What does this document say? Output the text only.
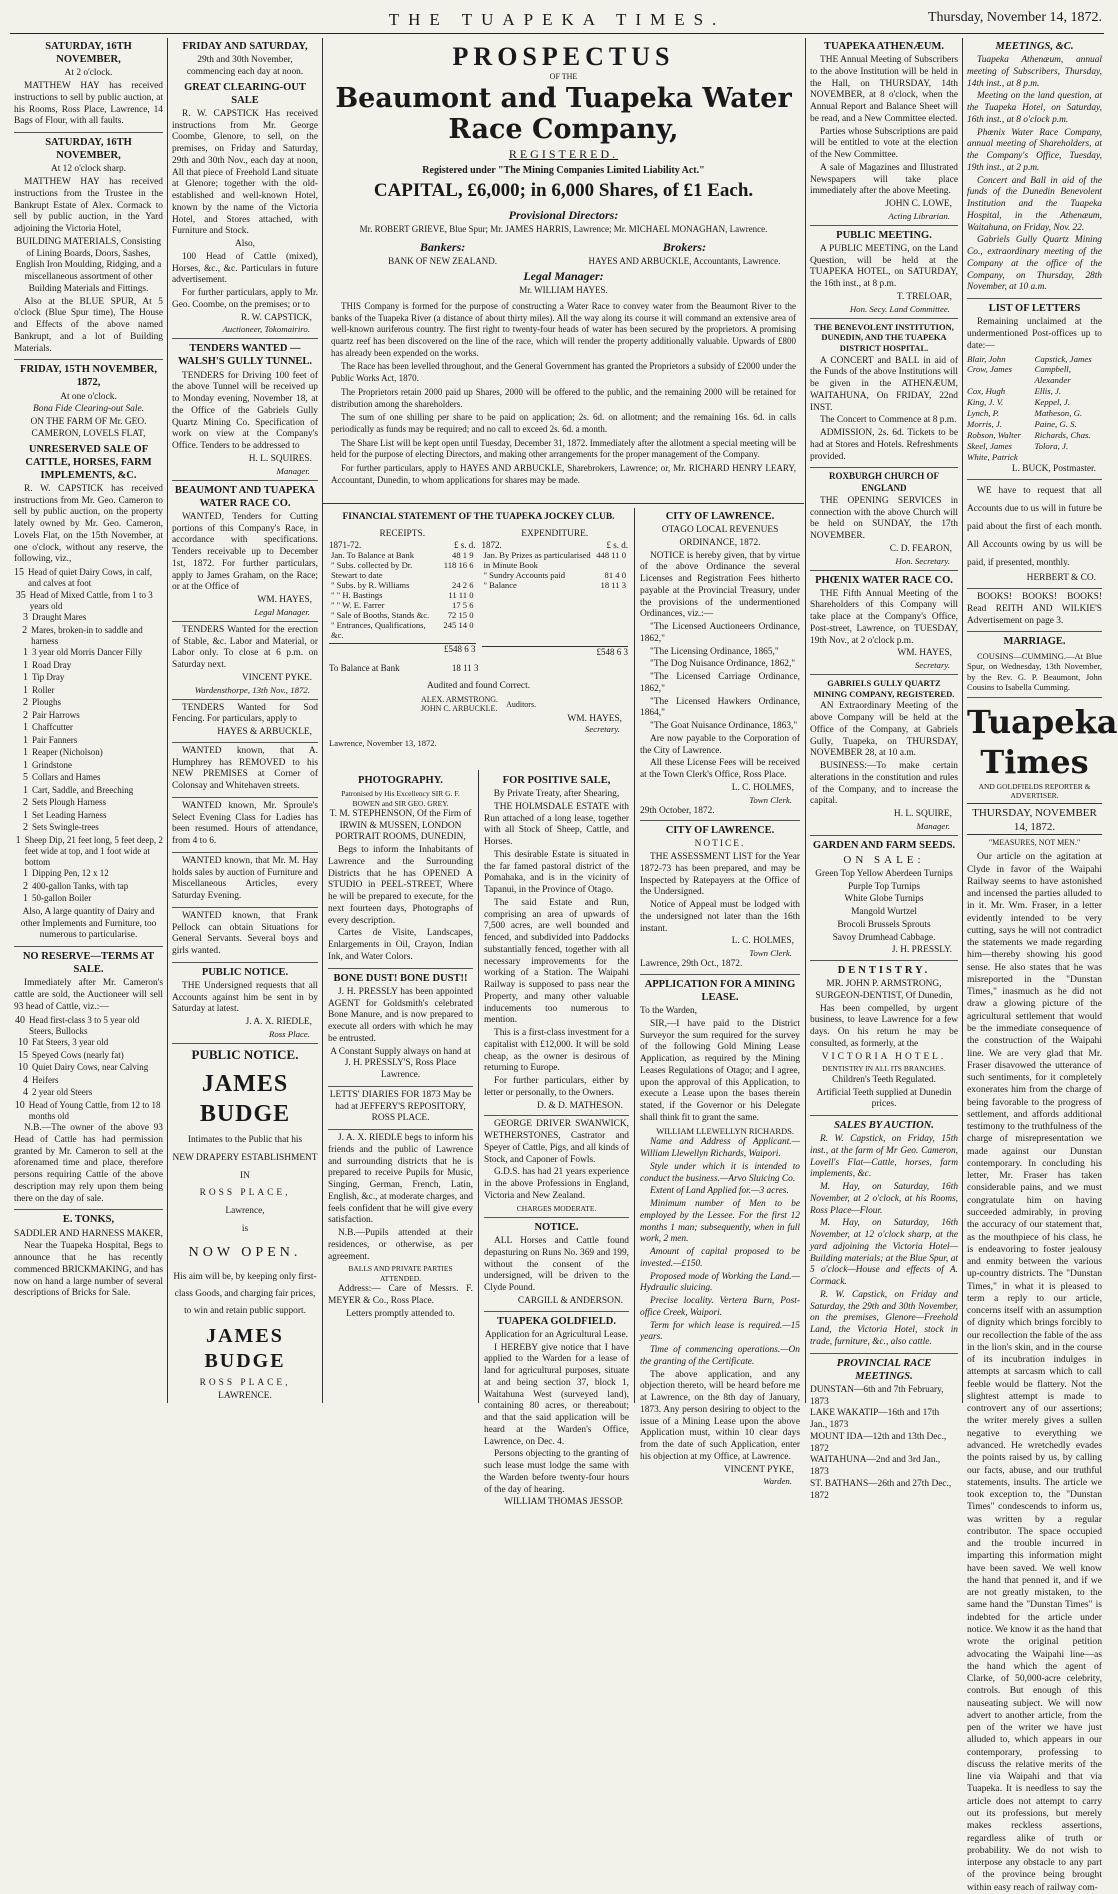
THE TUAPEKA TIMES.	Thursday, November 14, 1872.
SATURDAY, 16TH NOVEMBER,
At 2 o'clock.
MATTHEW HAY has received instructions to sell by public auction, at his Rooms, Ross Place, Lawrence, 14 Bags of Flour, with all faults.
SATURDAY, 16TH NOVEMBER,
At 12 o'clock sharp.
MATTHEW HAY has received instructions from the Trustee in the Bankrupt Estate of Alex. Cormack to sell by public auction, in the Yard adjoining the Victoria Hotel,
BUILDING MATERIALS, Consisting of Lining Boards, Doors, Sashes, English Iron Moulding, Ridging, and a miscellaneous assortment of other Building Materials and Fittings.
Also at the BLUE SPUR, At 5 o'clock (Blue Spur time), The House and Effects of the above named Bankrupt, and a lot of Building Materials.
FRIDAY, 15TH NOVEMBER, 1872,
At one o'clock.
Bona Fide Clearing-out Sale.
ON THE FARM OF Mr. GEO. CAMERON, LOVELS FLAT,
UNRESERVED SALE OF CATTLE, HORSES, FARM IMPLEMENTS, &C.
R. W. CAPSTICK has received instructions from Mr. Geo. Cameron to sell by public auction, on the property lately owned by Mr. Geo. Cameron, Lovels Flat, on the 15th November, at one o'clock, without any reserve, the following, viz.,
15 Head of quiet Dairy Cows, in calf, and calves at foot
35 Head of Mixed Cattle, from 1 to 3 years old
3 Draught Mares
2 Mares, broken-in to saddle and harness
1 3 year old Morris Dancer Filly
1 Road Dray
1 Tip Dray
1 Roller
2 Ploughs
2 Pair Harrows
1 Chaffcutter
1 Pair Fanners
1 Reaper (Nicholson)
1 Grindstone
5 Collars and Hames
1 Cart, Saddle, and Breeching
2 Sets Plough Harness
1 Set Leading Harness
2 Sets Swingle-trees
1 Sheep Dip, 21 feet long, 5 feet deep, 2 feet wide at top, and 1 foot wide at bottom
1 Dipping Pen, 12 x 12
2 400-gallon Tanks, with tap
1 50-gallon Boiler
Also, A large quantity of Dairy and other Implements and Furniture, too numerous to particularise.
NO RESERVE—TERMS AT SALE.
Immediately after Mr. Cameron's cattle are sold, the Auctioneer will sell 93 head of Cattle, viz.:—
40 Head first-class 3 to 5 year old Steers, Bullocks
10 Fat Steers, 3 year old
15 Speyed Cows (nearly fat)
10 Quiet Dairy Cows, near Calving
4 Heifers
4 2 year old Steers
10 Head of Young Cattle, from 12 to 18 months old
N.B.—The owner of the above 93 Head of Cattle has had permission granted by Mr. Cameron to sell at the aforenamed time and place, therefore persons requiring Cattle of the above description may rely upon them being there on the day of sale.
E. TONKS,
SADDLER AND HARNESS MAKER,
Near the Tuapeka Hospital, Begs to announce that he has recently commenced BRICKMAKING, and has now on hand a large number of several descriptions of Bricks for Sale.
FRIDAY AND SATURDAY,
29th and 30th November, commencing each day at noon.
GREAT CLEARING-OUT SALE
R. W. CAPSTICK Has received instructions from Mr. George Coombe, Glenore, to sell, on the premises, on Friday and Saturday, 29th and 30th Nov., each day at noon, All that piece of Freehold Land situate at Glenore; together with the old-established and well-known Hotel, known by the name of the Victoria Hotel, and Stores attached, with Furniture and Stock.
Also,
100 Head of Cattle (mixed), Horses, &c., &c. Particulars in future advertisement.
For further particulars, apply to Mr. Geo. Coombe, on the premises; or to
R. W. CAPSTICK,
Auctioneer, Tokomairiro.
TENDERS WANTED — WALSH'S GULLY TUNNEL.
TENDERS for Driving 100 feet of the above Tunnel will be received up to Monday evening, November 18, at the Office of the Gabriels Gully Quartz Mining Co. Specification of work on view at the Company's Office. Tenders to be addressed to
H. L. SQUIRES.
Manager.
BEAUMONT AND TUAPEKA WATER RACE CO.
WANTED, Tenders for Cutting portions of this Company's Race, in accordance with specifications. Tenders receivable up to December 1st, 1872. For further particulars, apply to James Graham, on the Race; or at the Office of
WM. HAYES,
Legal Manager.
TENDERS Wanted for the erection of Stable, &c. Labor and Material, or Labor only. To close at 6 p.m. on Saturday next.
VINCENT PYKE.
Wardensthorpe, 13th Nov., 1872.
TENDERS Wanted for Sod Fencing. For particulars, apply to
HAYES & ARBUCKLE,
WANTED known, that A. Humphrey has REMOVED to his NEW PREMISES at Corner of Colonsay and Whitehaven streets.
WANTED known, Mr. Sproule's Select Evening Class for Ladies has been resumed. Hours of attendance, from 4 to 6.
WANTED known, that Mr. M. Hay holds sales by auction of Furniture and Miscellaneous Articles, every Saturday Evening.
WANTED known, that Frank Pellock can obtain Situations for General Servants. Several boys and girls wanted.
PUBLIC NOTICE.
THE Undersigned requests that all Accounts against him be sent in by Saturday at latest.
J. A. X. RIEDLE,
Ross Place.
PUBLIC NOTICE.
JAMES BUDGE
Intimates to the Public that his
NEW DRAPERY ESTABLISHMENT
IN
ROSS PLACE,
Lawrence,
is
NOW OPEN.
His aim will be, by keeping only first-class Goods, and charging fair prices, to win and retain public support.
JAMES BUDGE
ROSS PLACE,
LAWRENCE.
PROSPECTUS
OF THE
Beaumont and Tuapeka Water Race Company,
REGISTERED.
Registered under "The Mining Companies Limited Liability Act."
CAPITAL, £6,000; in 6,000 Shares, of £1 Each.
Provisional Directors:
Mr. ROBERT GRIEVE, Blue Spur; Mr. JAMES HARRIS, Lawrence; Mr. MICHAEL MONAGHAN, Lawrence.
Bankers:	Brokers:
BANK OF NEW ZEALAND.	HAYES AND ARBUCKLE, Accountants, Lawrence.
Legal Manager:
Mr. WILLIAM HAYES.

THIS Company is formed for the purpose of constructing a Water Race to convey water from the Beaumont River to the banks of the Tuapeka River (a distance of about thirty miles). All the way along its course it will command an extensive area of well-known auriferous country. The first right to twenty-four heads of water has been secured by the proprietors. A promising quartz reef has been discovered on the line of the race, which will render the property additionally valuable. Upwards of £800 has already been expended on the works.

The Race has been levelled throughout, and the General Government has granted the Proprietors a subsidy of £2000 under the Public Works Act, 1870.

The Proprietors retain 2000 paid up Shares, 2000 will be offered to the public, and the remaining 2000 will be retained for distribution among the shareholders.

The sum of one shilling per share to be paid on application; 2s. 6d. on allotment; and the remaining 16s. 6d. in calls periodically as funds may be required; and no call to exceed 2s. 6d. a month.

The Share List will be kept open until Tuesday, December 31, 1872. Immediately after the allotment a special meeting will be held for the purpose of electing Directors, and making other arrangements for the proper management of the Company.

For further particulars, apply to HAYES AND ARBUCKLE, Sharebrokers, Lawrence; or, Mr. RICHARD HENRY LEARY, Accountant, Dunedin, to whom applications for shares may be made.

FINANCIAL STATEMENT OF THE TUAPEKA JOCKEY CLUB.
RECEIPTS.
1871-72.	£ s. d.
Jan. To Balance at Bank	48 1 9
" Subs. collected by Dr. Stewart to date	118 16 6
" Subs. by R. Williams	24 2 6
" " H. Bastings	11 11 0
" " W. E. Farrer	17 5 6
" Sale of Booths, Stands &c.	72 15 0
" Entrances, Qualifications, &c.	245 14 0
£548 6 3
EXPENDITURE.
1872.	£ s. d.
Jan. By Prizes as particularised in Minute Book	448 11 0
" Sundry Accounts paid	81 4 0
" Balance	18 11 3
£548 6 3
To Balance at Bank	18 11 3
Audited and found Correct.
ALEX. ARMSTRONG.
JOHN C. ARBUCKLE. Auditors.
WM. HAYES,
Secretary.
Lawrence, November 13, 1872.
PHOTOGRAPHY.
Patronised by His Excellency SIR G. F. BOWEN and SIR GEO. GREY.
T. M. STEPHENSON, Of the Firm of IRWIN & MUSSEN, LONDON PORTRAIT ROOMS, DUNEDIN,
Begs to inform the Inhabitants of Lawrence and the Surrounding Districts that he has OPENED A STUDIO in PEEL-STREET, Where he will be prepared to execute, for the next fourteen days, Photographs of every description.
Cartes de Visite, Landscapes, Enlargements in Oil, Crayon, Indian Ink, and Water Colors.
BONE DUST! BONE DUST!!
J. H. PRESSLY has been appointed AGENT for Goldsmith's celebrated Bone Manure, and is now prepared to execute all orders with which he may be entrusted.
A Constant Supply always on hand at J. H. PRESSLY'S, Ross Place Lawrence.
LETTS' DIARIES FOR 1873 May be had at JEFFERY'S REPOSITORY, ROSS PLACE.
J. A. X. RIEDLE begs to inform his friends and the public of Lawrence and surrounding districts that he is prepared to receive Pupils for Music, Singing, German, French, Latin, English, &c., at moderate charges, and feels confident that he will give every satisfaction.
N.B.—Pupils attended at their residences, or otherwise, as per agreement.
BALLS AND PRIVATE PARTIES ATTENDED.
Address:— Care of Messrs. F. MEYER & Co., Ross Place.
Letters promptly attended to.
FOR POSITIVE SALE,
By Private Treaty, after Shearing,
THE HOLMSDALE ESTATE with Run attached of a long lease, together with all Stock of Sheep, Cattle, and Horses.
This desirable Estate is situated in the far famed pastoral district of the Pomahaka, and is in the vicinity of Tapanui, in the Province of Otago.
The said Estate and Run, comprising an area of upwards of 7,500 acres, are well bounded and fenced, and subdivided into Paddocks substantially fenced, together with all necessary improvements for the working of a Station. The Waipahi Railway is supposed to pass near the Property, and many other valuable inducements too numerous to mention.
This is a first-class investment for a capitalist with £12,000. It will be sold cheap, as the owner is desirous of returning to Europe.
For further particulars, either by letter or personally, to the Owners.
D. & D. MATHESON.
GEORGE DRIVER SWANWICK, WETHERSTONES, Castrator and Speyer of Cattle, Pigs, and all kinds of Stock, and Caponer of Fowls.
G.D.S. has had 21 years experience in the above Professions in England, Victoria and New Zealand.
CHARGES MODERATE.
NOTICE.
ALL Horses and Cattle found depasturing on Runs No. 369 and 199, without the consent of the undersigned, will be driven to the Clyde Pound.
CARGILL & ANDERSON.
TUAPEKA GOLDFIELD.
Application for an Agricultural Lease.
I HEREBY give notice that I have applied to the Warden for a lease of land for agricultural purposes, situate at and being section 37, block 1, Waitahuna West (surveyed land), containing 80 acres, or thereabout; and that the said application will be heard at the Warden's Office, Lawrence, on Dec. 4.
Persons objecting to the granting of such lease must lodge the same with the Warden before twenty-four hours of the day of hearing.
WILLIAM THOMAS JESSOP.
CITY OF LAWRENCE.
OTAGO LOCAL REVENUES
ORDINANCE, 1872.
NOTICE is hereby given, that by virtue of the above Ordinance the several Licenses and Registration Fees hitherto payable at the Provincial Treasury, under the provisions of the undermentioned Ordinances, viz.:—
"The Licensed Auctioneers Ordinance, 1862,"
"The Licensing Ordinance, 1865,"
"The Dog Nuisance Ordinance, 1862,"
"The Licensed Carriage Ordinance, 1862,"
"The Licensed Hawkers Ordinance, 1864,"
"The Goat Nuisance Ordinance, 1863,"
Are now payable to the Corporation of the City of Lawrence.
All these License Fees will be received at the Town Clerk's Office, Ross Place.
L. C. HOLMES,
Town Clerk.
29th October, 1872.
CITY OF LAWRENCE.
NOTICE.
THE ASSESSMENT LIST for the Year 1872-73 has been prepared, and may be Inspected by Ratepayers at the Office of the Undersigned.
Notice of Appeal must be lodged with the undersigned not later than the 16th instant.
L. C. HOLMES,
Town Clerk.
Lawrence, 29th Oct., 1872.
APPLICATION FOR A MINING LEASE.
To the Warden,
SIR,—I have paid to the District Surveyor the sum required for the survey of the following Gold Mining Lease Application, as required by the Mining Leases Regulations of Otago; and I agree, upon the approval of this Application, to execute a Lease upon the bases therein stated, if the Governor or his Delegate shall think fit to grant the same.
WILLIAM LLEWELLYN RICHARDS.
Name and Address of Applicant.—William Llewellyn Richards, Waipori.
Style under which it is intended to conduct the business.—Arvo Sluicing Co.
Extent of Land Applied for.—3 acres.
Minimum number of Men to be employed by the Lessee. For the first 12 months 1 man; subsequently, when in full work, 2 men.
Amount of capital proposed to be invested.—£150.
Proposed mode of Working the Land.—Hydraulic sluicing.
Precise locality. Vertera Burn, Post-office Creek, Waipori.
Term for which lease is required.—15 years.
Time of commencing operations.—On the granting of the Certificate.
The above application, and any objection thereto, will be heard before me at Lawrence, on the 8th day of January, 1873. Any person desiring to object to the issue of a Mining Lease upon the above Application must, within 10 clear days from the date of such Application, enter his objection at my Office, at Lawrence.
VINCENT PYKE,
Warden.
TUAPEKA ATHENÆUM.
THE Annual Meeting of Subscribers to the above Institution will be held in the Hall, on THURSDAY, 14th NOVEMBER, at 8 o'clock, when the Annual Report and Balance Sheet will be read, and a New Committee elected.
Parties whose Subscriptions are paid will be entitled to vote at the election of the New Committee.
A sale of Magazines and Illustrated Newspapers will take place immediately after the above Meeting.
JOHN C. LOWE,
Acting Librarian.
PUBLIC MEETING.
A PUBLIC MEETING, on the Land Question, will be held at the TUAPEKA HOTEL, on SATURDAY, the 16th inst., at 8 p.m.
T. TRELOAR,
Hon. Secy. Land Committee.
THE BENEVOLENT INSTITUTION, DUNEDIN, AND THE TUAPEKA DISTRICT HOSPITAL.
A CONCERT and BALL in aid of the Funds of the above Institutions will be given in the ATHENÆUM, WAITAHUNA, On FRIDAY, 22nd INST.
The Concert to Commence at 8 p.m.
ADMISSION, 2s. 6d. Tickets to be had at Stores and Hotels. Refreshments provided.
ROXBURGH CHURCH OF ENGLAND
THE OPENING SERVICES in connection with the above Church will be held on SUNDAY, the 17th NOVEMBER.
C. D. FEARON,
Hon. Secretary.
PHŒNIX WATER RACE CO.
THE Fifth Annual Meeting of the Shareholders of this Company will take place at the Company's Office, Post-street, Lawrence, on TUESDAY, 19th Nov., at 2 o'clock p.m.
WM. HAYES,
Secretary.
GABRIELS GULLY QUARTZ MINING COMPANY, REGISTERED.
AN Extraordinary Meeting of the above Company will be held at the Office of the Company, at Gabriels Gully, Tuapeka, on THURSDAY, NOVEMBER 28, at 10 a.m.
BUSINESS:—To make certain alterations in the constitution and rules of the Company, and to increase the capital.
H. L. SQUIRE,
Manager.
GARDEN AND FARM SEEDS.
ON SALE:
Green Top Yellow Aberdeen Turnips
Purple Top Turnips
White Globe Turnips
Mangold Wurtzel
Brocoli Brussels Sprouts
Savoy Drumhead Cabbage.
J. H. PRESSLY.
DENTISTRY.
MR. JOHN P. ARMSTRONG, SURGEON-DENTIST, Of Dunedin,
Has been compelled, by urgent business, to leave Lawrence for a few days. On his return he may be consulted, as formerly, at the
VICTORIA HOTEL.
DENTISTRY IN ALL ITS BRANCHES.
Children's Teeth Regulated.
Artificial Teeth supplied at Dunedin prices.
SALES BY AUCTION.
R. W. Capstick, on Friday, 15th inst., at the farm of Mr Geo. Cameron, Lovell's Flat—Cattle, horses, farm implements, &c.
M. Hay, on Saturday, 16th November, at 2 o'clock, at his Rooms, Ross Place—Flour.
M. Hay, on Saturday, 16th November, at 12 o'clock sharp, at the yard adjoining the Victoria Hotel—Building materials; at the Blue Spur, at 5 o'clock—House and effects of A. Cormack.
R. W. Capstick, on Friday and Saturday, the 29th and 30th November, on the premises, Glenore—Freehold Land, the Victoria Hotel, stock in trade, furniture, &c., also cattle.
PROVINCIAL RACE MEETINGS.
DUNSTAN—6th and 7th February, 1873
LAKE WAKATIP—16th and 17th Jan., 1873
MOUNT IDA—12th and 13th Dec., 1872
WAITAHUNA—2nd and 3rd Jan., 1873
ST. BATHANS—26th and 27th Dec., 1872
MEETINGS, &C.
Tuapeka Athenæum, annual meeting of Subscribers, Thursday, 14th inst., at 8 p.m.
Meeting on the land question, at the Tuapeka Hotel, on Saturday, 16th inst., at 8 o'clock p.m.
Phœnix Water Race Company, annual meeting of Shareholders, at the Company's Office, Tuesday, 19th inst., at 2 p.m.
Concert and Ball in aid of the funds of the Dunedin Benevolent Institution and the Tuapeka Hospital, in the Athenæum, Waitahuna, on Friday, Nov. 22.
Gabriels Gully Quartz Mining Co., extraordinary meeting of the Company at the office of the Company, on Thursday, 28th November, at 10 a.m.
LIST OF LETTERS
Remaining unclaimed at the undermentioned Post-offices up to date:—
Blair, John	Capstick, James
Crow, James	Campbell, Alexander
Cox, Hugh	Ellis, J.
King, J. V.	Keppel, J.
Lynch, P.	Matheson, G.
Morris, J.	Paine, G. S.
Robson, Walter	Richards, Chas.
Skeel, James	Tolora, J.
White, Patrick
L. BUCK, Postmaster.
WE have to request that all Accounts due to us will in future be paid about the first of each month. All Accounts owing by us will be paid, if presented, monthly.
HERBERT & CO.
BOOKS! BOOKS! BOOKS! Read REITH AND WILKIE'S Advertisement on page 3.
MARRIAGE.
COUSINS—CUMMING.—At Blue Spur, on Wednesday, 13th November, by the Rev. G. P. Beaumont, John Cousins to Isabella Cumming.
Tuapeka Times
AND GOLDFIELDS REPORTER & ADVERTISER.
THURSDAY, NOVEMBER 14, 1872.
"MEASURES, NOT MEN."
Our article on the agitation at Clyde in favor of the Waipahi Railway seems to have astonished and incensed the parties alluded to in it. Mr. Wm. Fraser, in a letter evidently intended to be very cutting, says he will not contradict the statements we made regarding him—thereby showing his good sense. He also states that he was misreported in the "Dunstan Times," inasmuch as he did not draw a glowing picture of the agricultural settlement that would be the immediate consequence of the construction of the Waipahi line. We are very glad that Mr. Fraser disavowed the utterance of such sentiments, for it completely exonerates him from the charge of being favorable to the progress of settlement, and affords additional testimony to the truthfulness of the charge of misrepresentation we made against our Dunstan contemporary. In concluding his letter, Mr. Fraser has taken considerable pains, and we must congratulate him on having succeeded admirably, in proving the accuracy of our statement that, as the mouthpiece of his class, he is endeavoring to foster jealousy and enmity between the various up-country districts. The "Dunstan Times," in what it is pleased to term a reply to our article, concerns itself with an assumption of dignity which brings forcibly to our recollection the fable of the ass in the lion's skin, and in the course of its incubration indulges in attempts at sarcasm which to call feeble would be flattery. Not the slightest attempt is made to controvert any of our assertions; the writer merely gives a sullen negative to everything we advanced. He wretchedly evades the points raised by us, by calling our facts, abuse, and our truthful statements, insults. The article we took exception to, the "Dunstan Times" condescends to inform us, was written by a regular contributor. The space occupied and the trouble incurred in imparting this information might have been saved. We well know the hand that penned it, and if we are not greatly mistaken, to the same hand the "Dunstan Times" is indebted for the article under notice. We know it as the hand that wrote the original petition advocating the Waipahi line—as the hand which the agent of Clarke, of 50,000-acre celebrity, controls. But enough of this nauseating subject. We will now advert to another article, from the pen of the writer we have just alluded to, which appears in our contemporary, professing to discuss the relative merits of the line via Waipahi and that via Tuapeka. It is needless to say the article does not attempt to carry out its professions, but merely makes reckless assertions, regardless alike of truth or probability. We do not wish to interpose any obstacle to any part of the province being brought within easy reach of railway com-
